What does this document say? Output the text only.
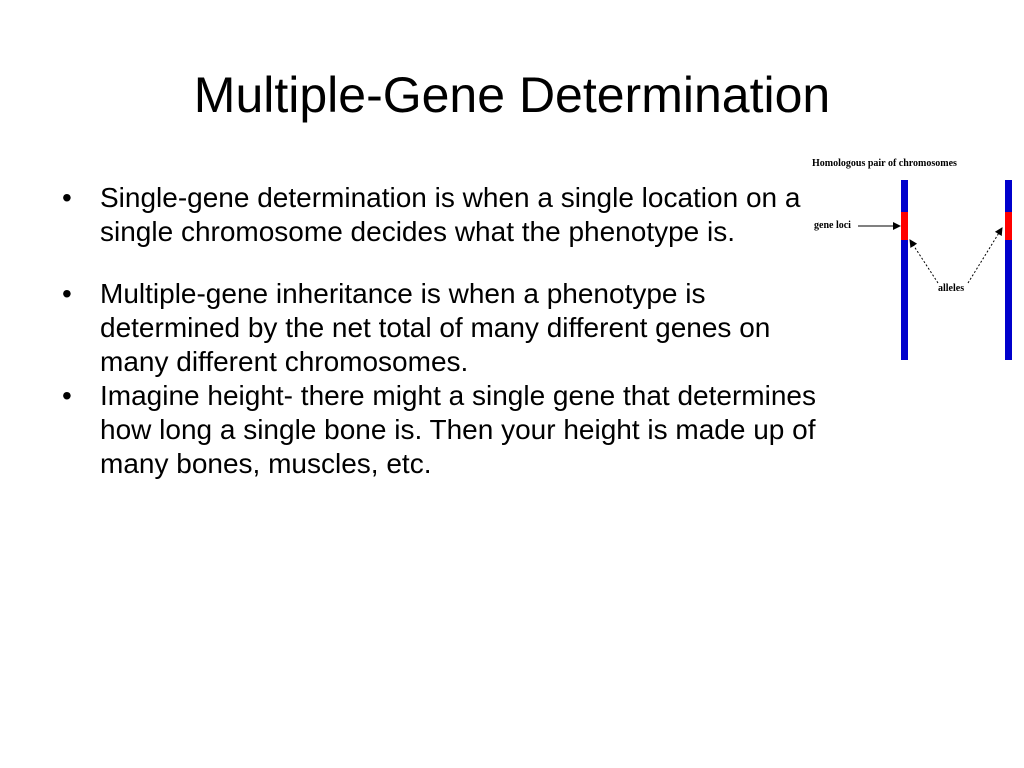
Multiple-Gene Determination
•	Single-gene determination is when a single location on a single chromosome decides what the phenotype is.
•	Multiple-gene inheritance is when a phenotype is determined by the net total of many different genes on many different chromosomes.
•	Imagine height- there might a single gene that determines how long a single bone is. Then your height is made up of many bones, muscles, etc.
Homologous pair of chromosomes
gene loci
alleles
